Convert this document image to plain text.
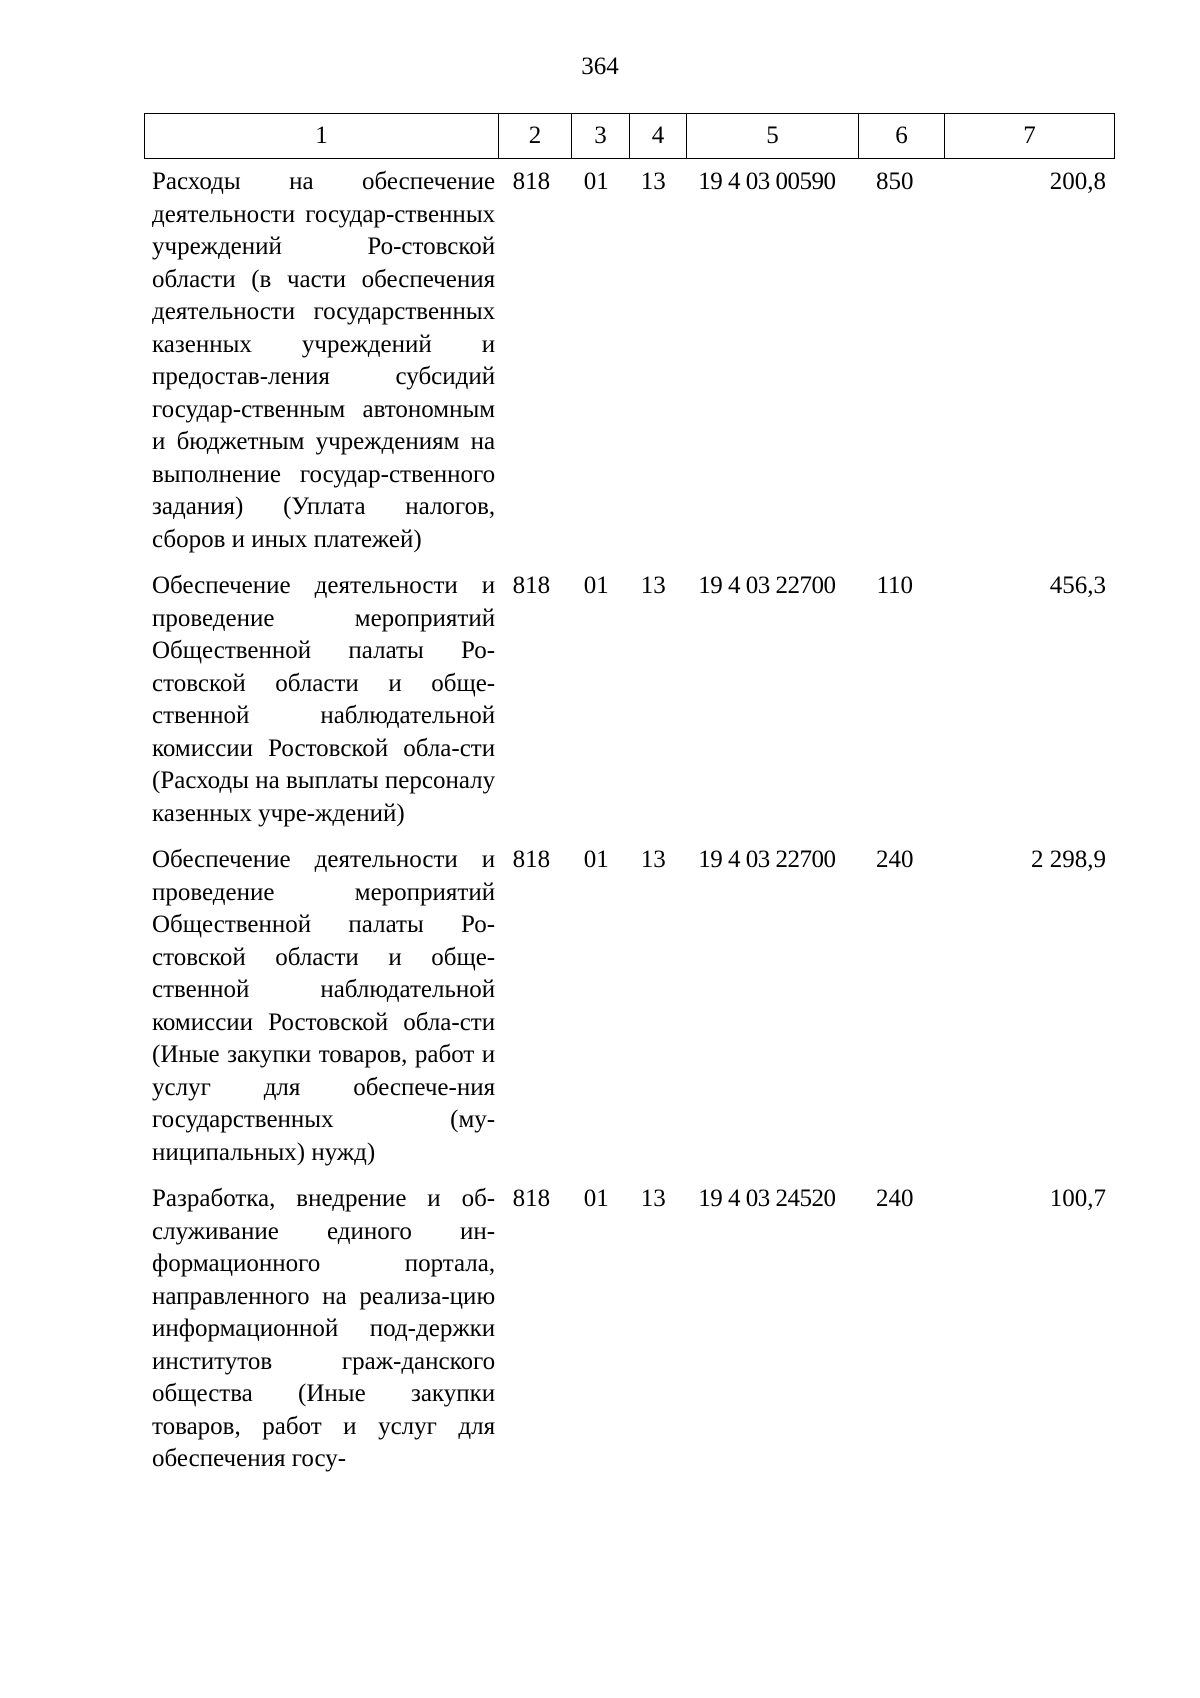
364
1	2	3	4	5	6	7
Расходы на обеспечение деятельности государ-ственных учреждений Ро-стовской области (в части обеспечения деятельности государственных казенных учреждений и предостав-ления субсидий государ-ственным автономным и бюджетным учреждениям на выполнение государ-ственного задания) (Уплата налогов, сборов и иных платежей)
818	01	13	19 4 03 00590	850	200,8
Обеспечение деятельности и проведение мероприятий Общественной палаты Ро-стовской области и обще-ственной наблюдательной комиссии Ростовской обла-сти (Расходы на выплаты персоналу казенных учре-ждений)
818	01	13	19 4 03 22700	110	456,3
Обеспечение деятельности и проведение мероприятий Общественной палаты Ро-стовской области и обще-ственной наблюдательной комиссии Ростовской обла-сти (Иные закупки товаров, работ и услуг для обеспече-ния государственных (му-ниципальных) нужд)
818	01	13	19 4 03 22700	240	2 298,9
Разработка, внедрение и об-служивание единого ин-формационного портала, направленного на реализа-цию информационной под-держки институтов граж-данского общества (Иные закупки товаров, работ и услуг для обеспечения госу-
818	01	13	19 4 03 24520	240	100,7
